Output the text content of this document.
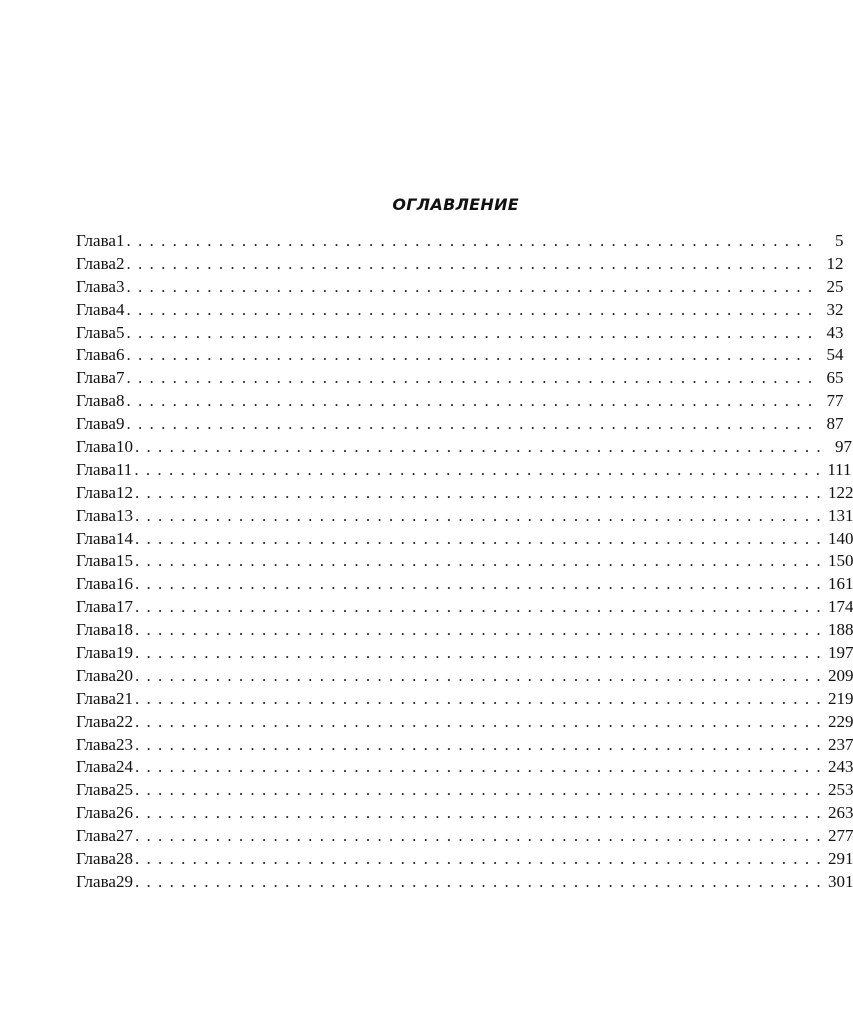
ОГЛАВЛЕНИЕ
Глава 1 ............................................................ 5
Глава 2 ............................................................ 12
Глава 3 ............................................................ 25
Глава 4 ............................................................ 32
Глава 5 ............................................................ 43
Глава 6 ............................................................ 54
Глава 7 ............................................................ 65
Глава 8 ............................................................ 77
Глава 9 ............................................................ 87
Глава 10 ............................................................ 97
Глава 11 ............................................................ 111
Глава 12 ............................................................ 122
Глава 13 ............................................................ 131
Глава 14 ............................................................ 140
Глава 15 ............................................................ 150
Глава 16 ............................................................ 161
Глава 17 ............................................................ 174
Глава 18 ............................................................ 188
Глава 19 ............................................................ 197
Глава 20 ............................................................ 209
Глава 21 ............................................................ 219
Глава 22 ............................................................ 229
Глава 23 ............................................................ 237
Глава 24 ............................................................ 243
Глава 25 ............................................................ 253
Глава 26 ............................................................ 263
Глава 27 ............................................................ 277
Глава 28 ............................................................ 291
Глава 29 ............................................................ 301
